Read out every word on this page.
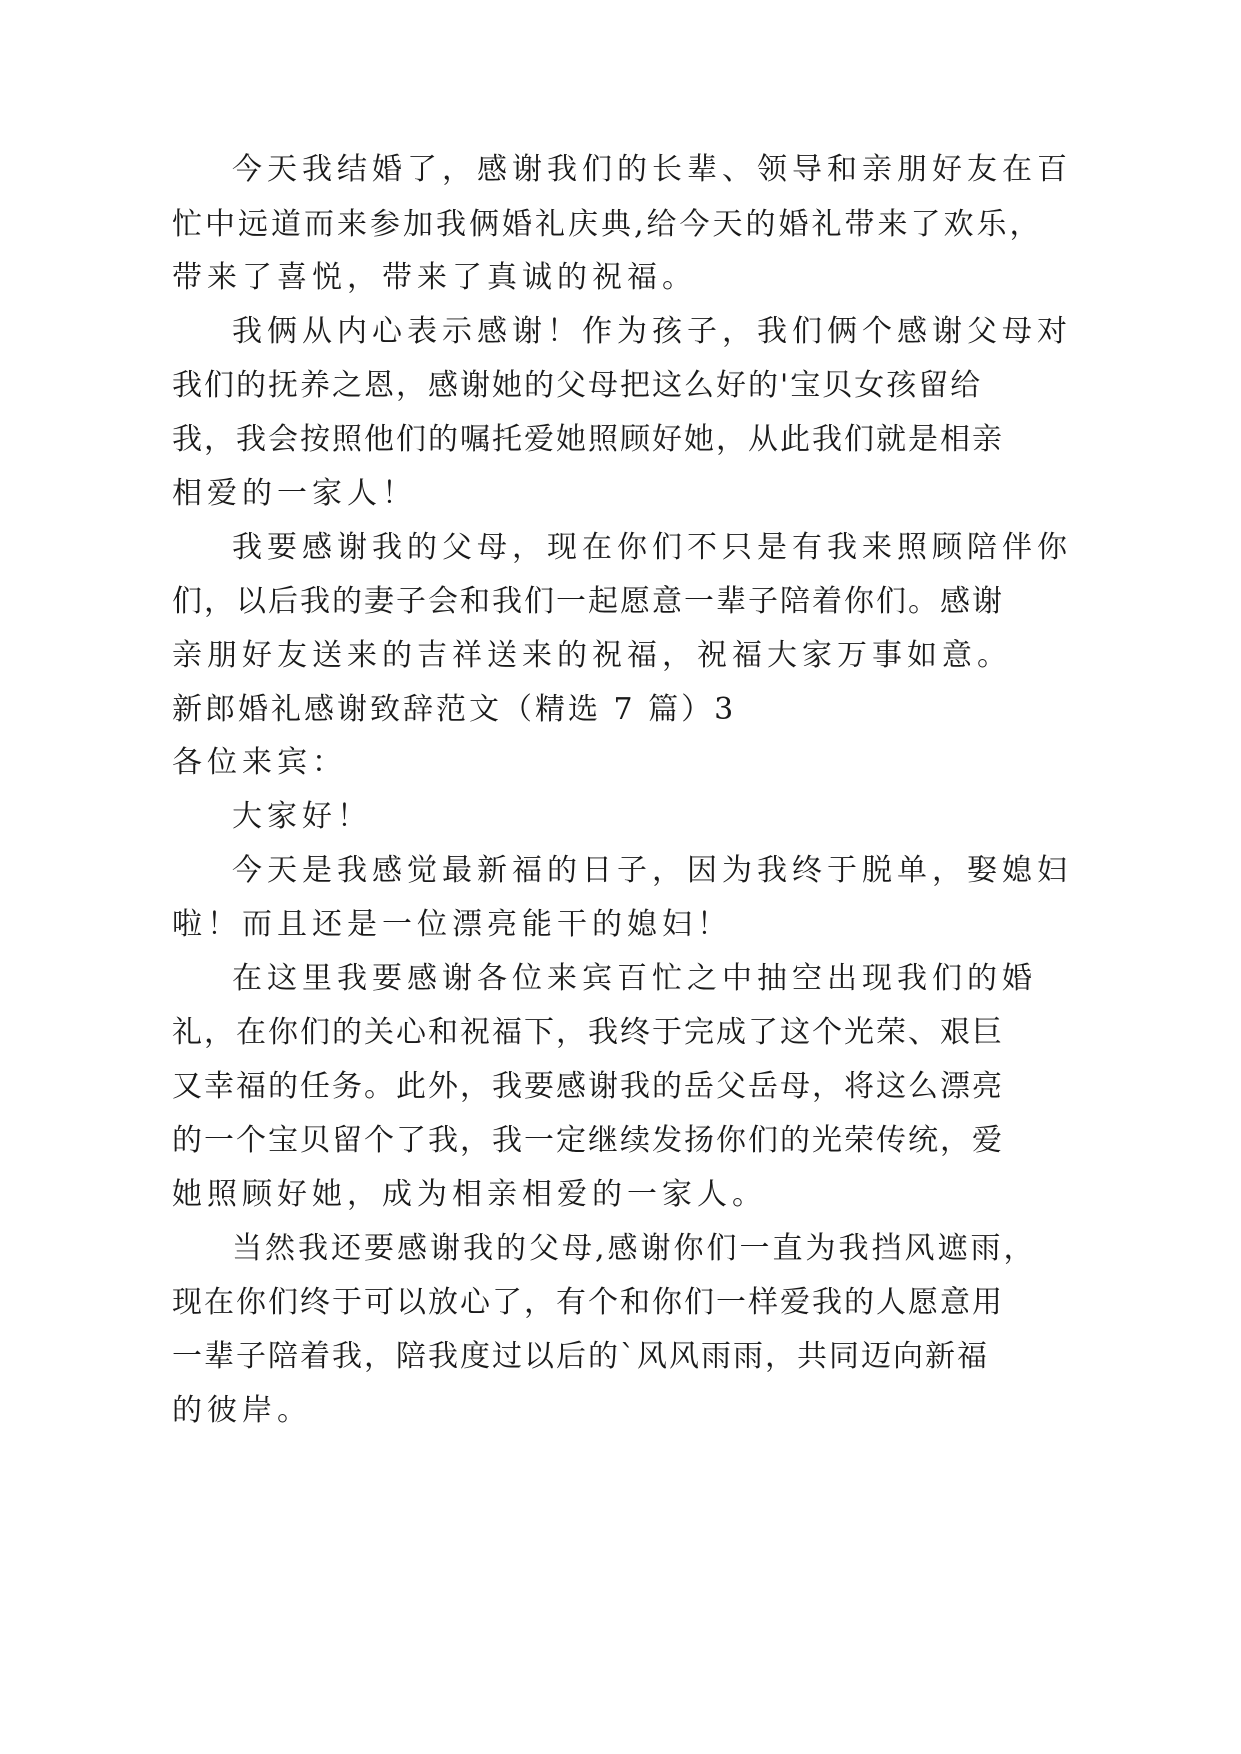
今天我结婚了，感谢我们的长辈、领导和亲朋好友在百

忙中远道而来参加我俩婚礼庆典,给今天的婚礼带来了欢乐，

带来了喜悦，带来了真诚的祝福。

我俩从内心表示感谢！作为孩子，我们俩个感谢父母对

我们的抚养之恩，感谢她的父母把这么好的'宝贝女孩留给

我，我会按照他们的嘱托爱她照顾好她，从此我们就是相亲

相爱的一家人！

我要感谢我的父母，现在你们不只是有我来照顾陪伴你

们，以后我的妻子会和我们一起愿意一辈子陪着你们。感谢

亲朋好友送来的吉祥送来的祝福，祝福大家万事如意。

新郎婚礼感谢致辞范文（精选 7 篇）3

各位来宾：

大家好！

今天是我感觉最新福的日子，因为我终于脱单，娶媳妇

啦！而且还是一位漂亮能干的媳妇！

在这里我要感谢各位来宾百忙之中抽空出现我们的婚

礼，在你们的关心和祝福下，我终于完成了这个光荣、艰巨

又幸福的任务。此外，我要感谢我的岳父岳母，将这么漂亮

的一个宝贝留个了我，我一定继续发扬你们的光荣传统，爱

她照顾好她，成为相亲相爱的一家人。

当然我还要感谢我的父母,感谢你们一直为我挡风遮雨，

现在你们终于可以放心了，有个和你们一样爱我的人愿意用

一辈子陪着我，陪我度过以后的`风风雨雨，共同迈向新福

的彼岸。
